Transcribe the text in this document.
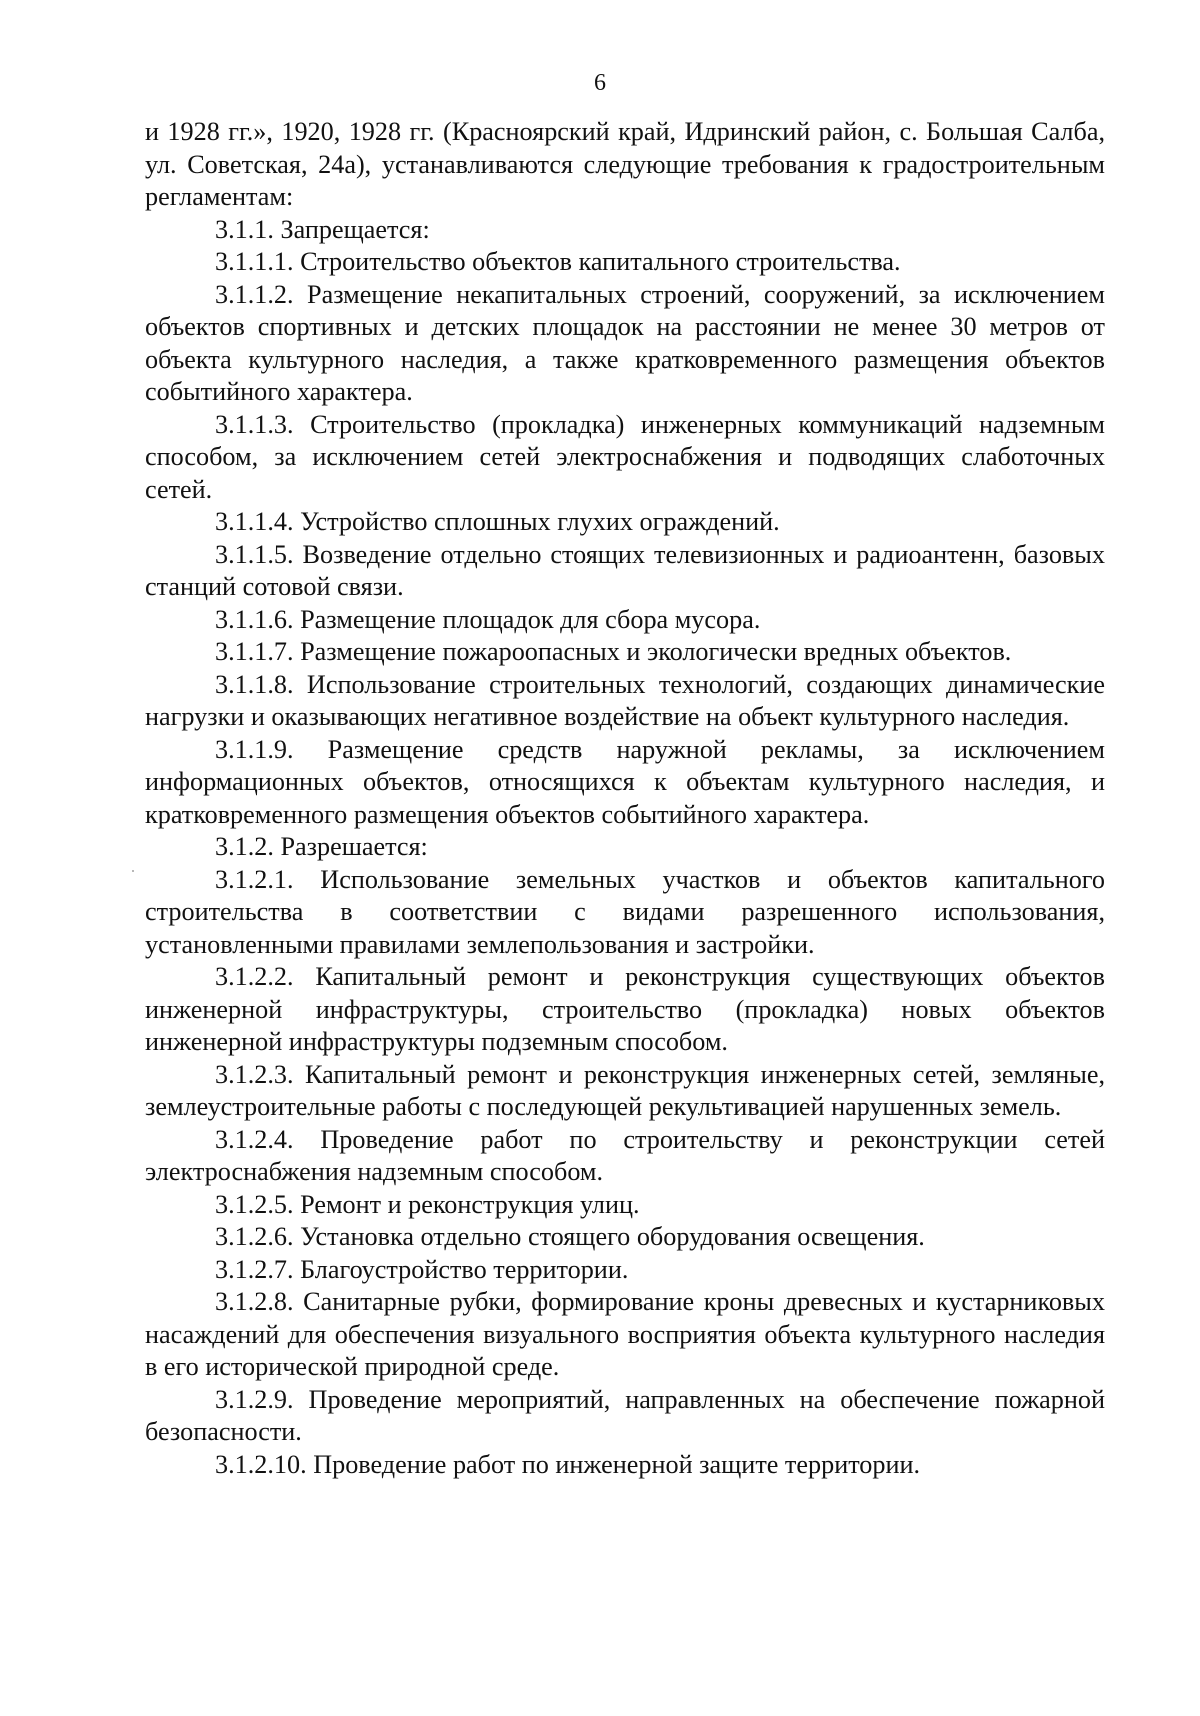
6

и 1928 гг.», 1920, 1928 гг. (Красноярский край, Идринский район, с. Большая Салба, ул. Советская, 24а), устанавливаются следующие требования к градостроительным регламентам:

3.1.1. Запрещается:

3.1.1.1. Строительство объектов капитального строительства.

3.1.1.2. Размещение некапитальных строений, сооружений, за исключением объектов спортивных и детских площадок на расстоянии не менее 30 метров от объекта культурного наследия, а также кратковременного размещения объектов событийного характера.

3.1.1.3. Строительство (прокладка) инженерных коммуникаций надземным способом, за исключением сетей электроснабжения и подводящих слаботочных сетей.

3.1.1.4. Устройство сплошных глухих ограждений.

3.1.1.5. Возведение отдельно стоящих телевизионных и радиоантенн, базовых станций сотовой связи.

3.1.1.6. Размещение площадок для сбора мусора.

3.1.1.7. Размещение пожароопасных и экологически вредных объектов.

3.1.1.8. Использование строительных технологий, создающих динамические нагрузки и оказывающих негативное воздействие на объект культурного наследия.

3.1.1.9. Размещение средств наружной рекламы, за исключением информационных объектов, относящихся к объектам культурного наследия, и кратковременного размещения объектов событийного характера.

3.1.2. Разрешается:

3.1.2.1. Использование земельных участков и объектов капитального строительства в соответствии с видами разрешенного использования, установленными правилами землепользования и застройки.

3.1.2.2. Капитальный ремонт и реконструкция существующих объектов инженерной инфраструктуры, строительство (прокладка) новых объектов инженерной инфраструктуры подземным способом.

3.1.2.3. Капитальный ремонт и реконструкция инженерных сетей, земляные, землеустроительные работы с последующей рекультивацией нарушенных земель.

3.1.2.4. Проведение работ по строительству и реконструкции сетей электроснабжения надземным способом.

3.1.2.5. Ремонт и реконструкция улиц.

3.1.2.6. Установка отдельно стоящего оборудования освещения.

3.1.2.7. Благоустройство территории.

3.1.2.8. Санитарные рубки, формирование кроны древесных и кустарниковых насаждений для обеспечения визуального восприятия объекта культурного наследия в его исторической природной среде.

3.1.2.9. Проведение мероприятий, направленных на обеспечение пожарной безопасности.

3.1.2.10. Проведение работ по инженерной защите территории.
